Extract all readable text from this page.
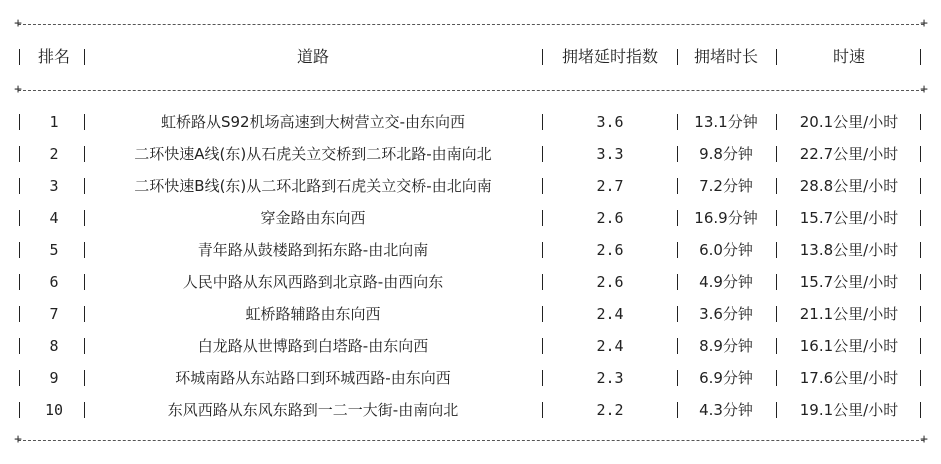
+	+
+	+
+	+
排名	道路	拥堵延时指数	拥堵时长	时速
1	虹桥路从S92机场高速到大树营立交-由东向西	3.6	13.1分钟	20.1公里/小时
2	二环快速A线(东)从石虎关立交桥到二环北路-由南向北	3.3	9.8分钟	22.7公里/小时
3	二环快速B线(东)从二环北路到石虎关立交桥-由北向南	2.7	7.2分钟	28.8公里/小时
4	穿金路由东向西	2.6	16.9分钟	15.7公里/小时
5	青年路从鼓楼路到拓东路-由北向南	2.6	6.0分钟	13.8公里/小时
6	人民中路从东风西路到北京路-由西向东	2.6	4.9分钟	15.7公里/小时
7	虹桥路辅路由东向西	2.4	3.6分钟	21.1公里/小时
8	白龙路从世博路到白塔路-由东向西	2.4	8.9分钟	16.1公里/小时
9	环城南路从东站路口到环城西路-由东向西	2.3	6.9分钟	17.6公里/小时
10	东风西路从东风东路到一二一大街-由南向北	2.2	4.3分钟	19.1公里/小时
